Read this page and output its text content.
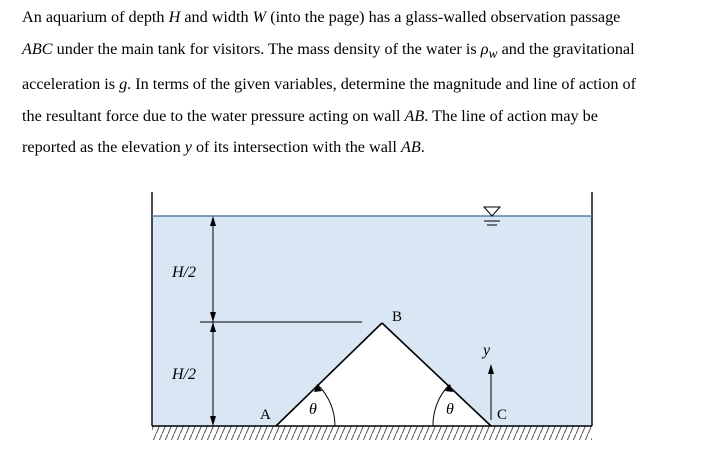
An aquarium of depth H and width W (into the page) has a glass-walled observation passage

ABC under the main tank for visitors. The mass density of the water is $\rho_w$ and the gravitational

acceleration is g. In terms of the given variables, determine the magnitude and line of action of

the resultant force due to the water pressure acting on wall AB. The line of action may be

reported as the elevation y of its intersection with the wall AB.

H/2
H/2
θ	θ
y
A
B
C
